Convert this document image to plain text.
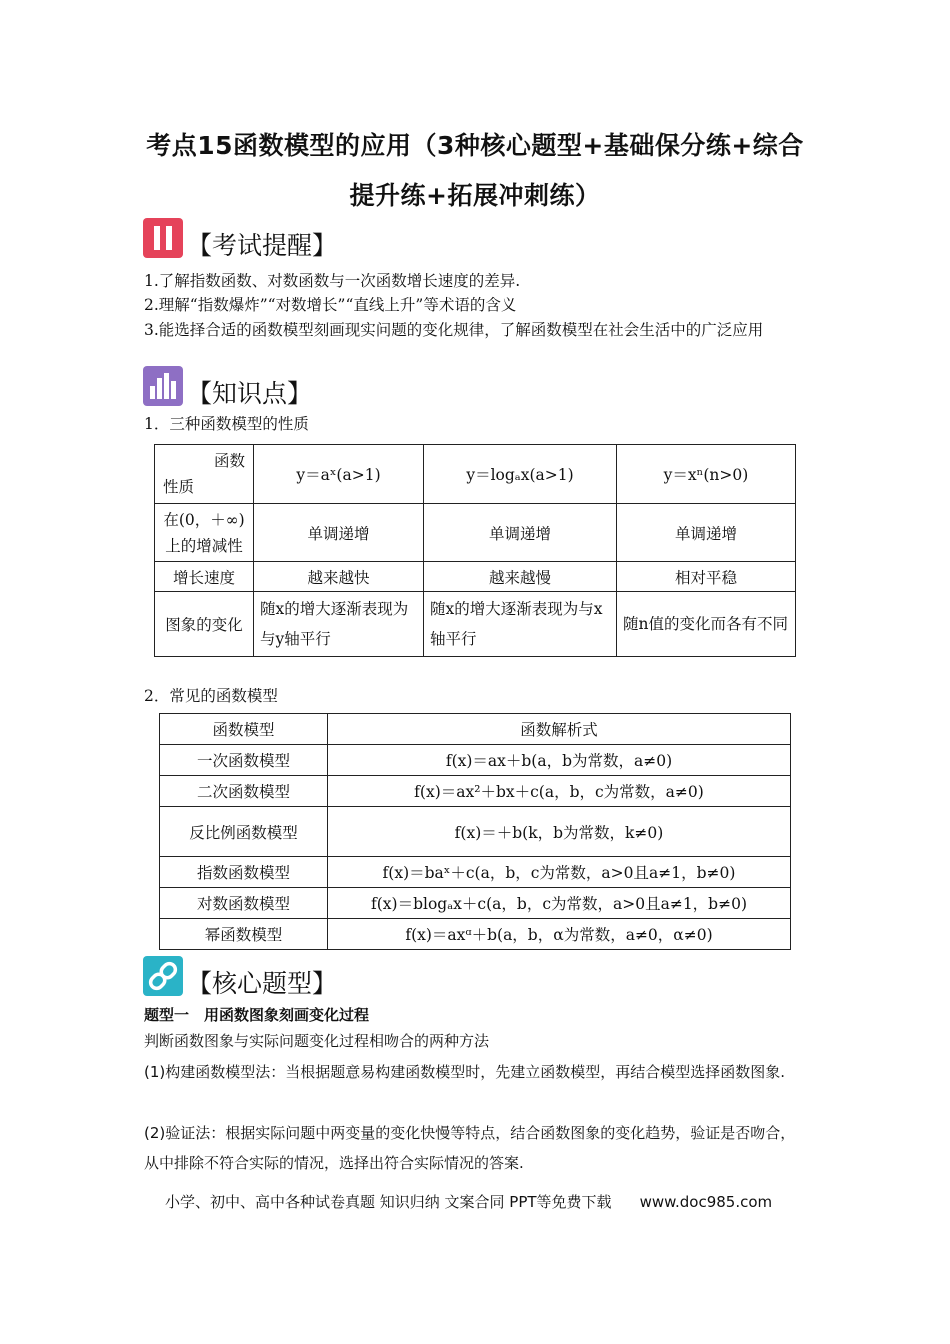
考点15函数模型的应用（3种核心题型+基础保分练+综合
提升练+拓展冲刺练）
【考试提醒】
1.了解指数函数、对数函数与一次函数增长速度的差异.
2.理解“指数爆炸”“对数增长”“直线上升”等术语的含义
3.能选择合适的函数模型刻画现实问题的变化规律，了解函数模型在社会生活中的广泛应用
【知识点】
1．三种函数模型的性质
函数
性质	y＝aˣ(a>1)	y＝logₐx(a>1)	y＝xⁿ(n>0)
在(0，＋∞)上的增减性	单调递增	单调递增	单调递增
增长速度	越来越快	越来越慢	相对平稳
图象的变化	随x的增大逐渐表现为与y轴平行	随x的增大逐渐表现为与x轴平行	随n值的变化而各有不同
2．常见的函数模型
函数模型	函数解析式
一次函数模型	f(x)＝ax＋b(a，b为常数，a≠0)
二次函数模型	f(x)＝ax²＋bx＋c(a，b，c为常数，a≠0)
反比例函数模型	f(x)＝＋b(k，b为常数，k≠0)
指数函数模型	f(x)＝baˣ＋c(a，b，c为常数，a>0且a≠1，b≠0)
对数函数模型	f(x)＝blogₐx＋c(a，b，c为常数，a>0且a≠1，b≠0)
幂函数模型	f(x)＝axᵅ＋b(a，b，α为常数，a≠0，α≠0)
【核心题型】
题型一　用函数图象刻画变化过程
判断函数图象与实际问题变化过程相吻合的两种方法
(1)构建函数模型法：当根据题意易构建函数模型时，先建立函数模型，再结合模型选择函数图象.
(2)验证法：根据实际问题中两变量的变化快慢等特点，结合函数图象的变化趋势，验证是否吻合，从中排除不符合实际的情况，选择出符合实际情况的答案.
小学、初中、高中各种试卷真题 知识归纳 文案合同 PPT等免费下载 www.doc985.com
